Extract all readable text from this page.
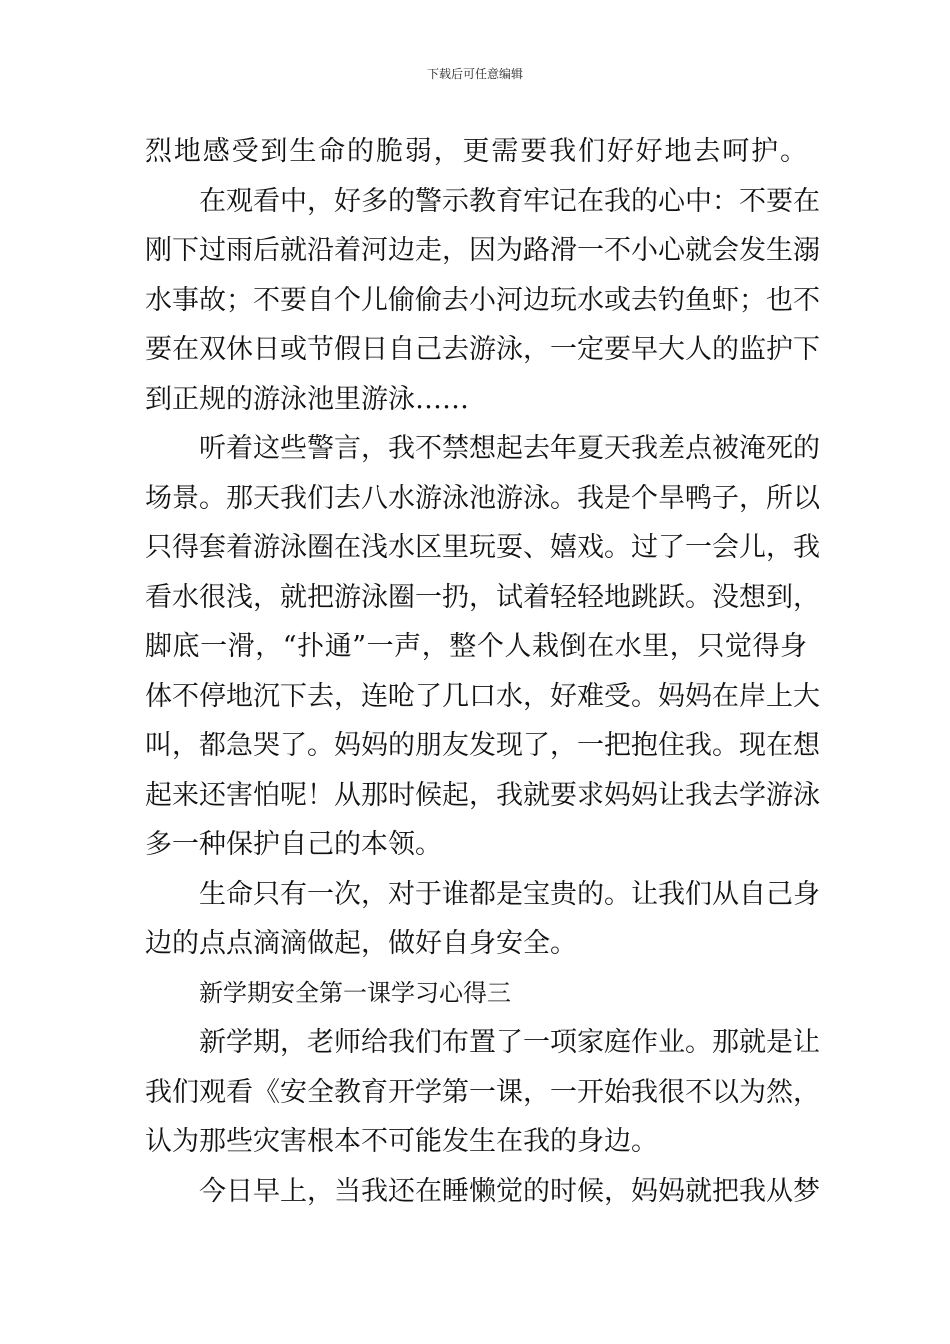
下载后可任意编辑
烈地感受到生命的脆弱，更需要我们好好地去呵护。
在观看中，好多的警示教育牢记在我的心中：不要在
刚下过雨后就沿着河边走，因为路滑一不小心就会发生溺
水事故；不要自个儿偷偷去小河边玩水或去钓鱼虾；也不
要在双休日或节假日自己去游泳，一定要早大人的监护下
到正规的游泳池里游泳……
听着这些警言，我不禁想起去年夏天我差点被淹死的
场景。那天我们去八水游泳池游泳。我是个旱鸭子，所以
只得套着游泳圈在浅水区里玩耍、嬉戏。过了一会儿，我
看水很浅，就把游泳圈一扔，试着轻轻地跳跃。没想到，
脚底一滑，“扑通”一声，整个人栽倒在水里，只觉得身
体不停地沉下去，连呛了几口水，好难受。妈妈在岸上大
叫，都急哭了。妈妈的朋友发现了，一把抱住我。现在想
起来还害怕呢！从那时候起，我就要求妈妈让我去学游泳
多一种保护自己的本领。
生命只有一次，对于谁都是宝贵的。让我们从自己身
边的点点滴滴做起，做好自身安全。
新学期安全第一课学习心得三
新学期，老师给我们布置了一项家庭作业。那就是让
我们观看《安全教育开学第一课，一开始我很不以为然，
认为那些灾害根本不可能发生在我的身边。
今日早上，当我还在睡懒觉的时候，妈妈就把我从梦
